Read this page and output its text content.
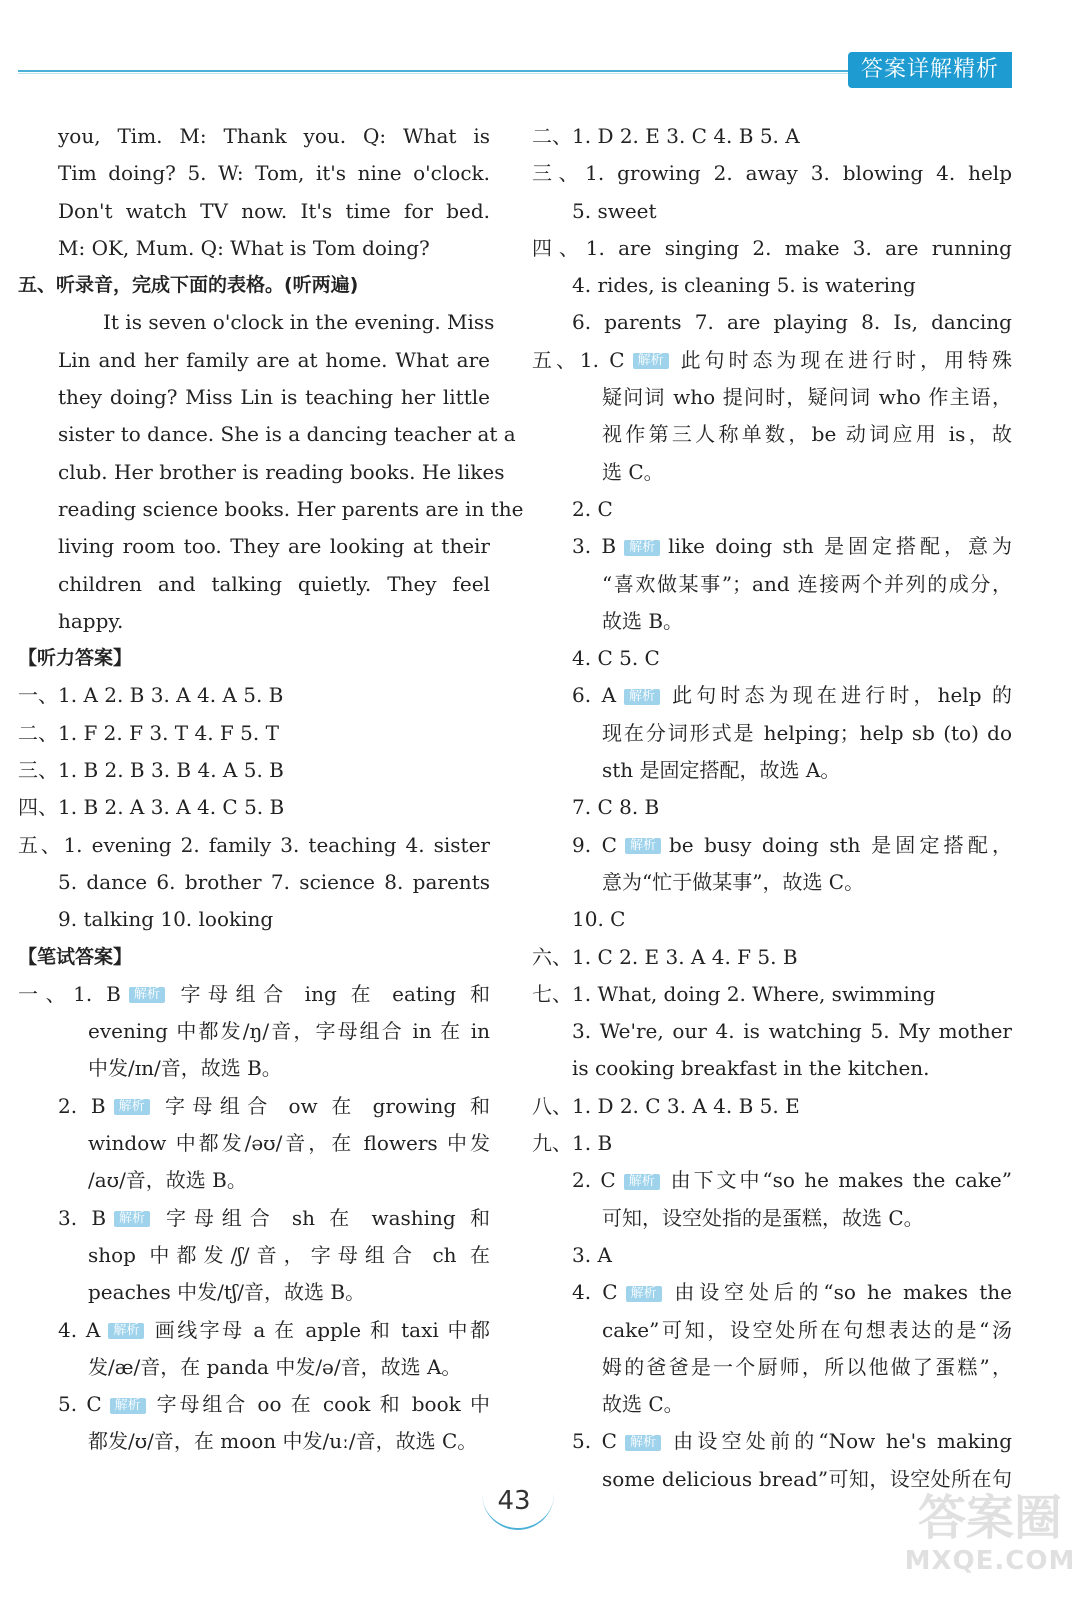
答案详解精析
you, Tim. M: Thank you. Q: What is
Tim doing? 5. W: Tom, it's nine o'clock.
Don't watch TV now. It's time for bed.
M: OK, Mum. Q: What is Tom doing?
五、听录音，完成下面的表格。(听两遍)
It is seven o'clock in the evening. Miss
Lin and her family are at home. What are
they doing? Miss Lin is teaching her little
sister to dance. She is a dancing teacher at a
club. Her brother is reading books. He likes
reading science books. Her parents are in the
living room too. They are looking at their
children and talking quietly. They feel
happy.
【听力答案】
一、1. A 2. B 3. A 4. A 5. B
二、1. F 2. F 3. T 4. F 5. T
三、1. B 2. B 3. B 4. A 5. B
四、1. B 2. A 3. A 4. C 5. B
五、1. evening 2. family 3. teaching 4. sister
5. dance 6. brother 7. science 8. parents
9. talking 10. looking
【笔试答案】
一、1. B 解析 字母组合 ing 在 eating 和
evening 中都发/ŋ/音，字母组合 in 在 in
中发/ɪn/音，故选 B。
2. B 解析 字母组合 ow 在 growing 和
window 中都发/əʊ/音，在 flowers 中发
/aʊ/音，故选 B。
3. B 解析 字母组合 sh 在 washing 和
shop 中都发/ʃ/音，字母组合 ch 在
peaches 中发/tʃ/音，故选 B。
4. A 解析 画线字母 a 在 apple 和 taxi 中都
发/æ/音，在 panda 中发/ə/音，故选 A。
5. C 解析 字母组合 oo 在 cook 和 book 中
都发/ʊ/音，在 moon 中发/uː/音，故选 C。
二、1. D 2. E 3. C 4. B 5. A
三、1. growing 2. away 3. blowing 4. help
5. sweet
四、1. are singing 2. make 3. are running
4. rides, is cleaning 5. is watering
6. parents 7. are playing 8. Is, dancing
五、1. C 解析 此句时态为现在进行时，用特殊
疑问词 who 提问时，疑问词 who 作主语，
视作第三人称单数，be 动词应用 is，故
选 C。
2. C
3. B 解析 like doing sth 是固定搭配，意为
“喜欢做某事”；and 连接两个并列的成分，
故选 B。
4. C 5. C
6. A 解析 此句时态为现在进行时，help 的
现在分词形式是 helping；help sb (to) do
sth 是固定搭配，故选 A。
7. C 8. B
9. C 解析 be busy doing sth 是固定搭配，
意为“忙于做某事”，故选 C。
10. C
六、1. C 2. E 3. A 4. F 5. B
七、1. What, doing 2. Where, swimming
3. We're, our 4. is watching 5. My mother
is cooking breakfast in the kitchen.
八、1. D 2. C 3. A 4. B 5. E
九、1. B
2. C 解析 由下文中“so he makes the cake”
可知，设空处指的是蛋糕，故选 C。
3. A
4. C 解析 由设空处后的“so he makes the
cake”可知，设空处所在句想表达的是“汤
姆的爸爸是一个厨师，所以他做了蛋糕”，
故选 C。
5. C 解析 由设空处前的“Now he's making
some delicious bread”可知，设空处所在句
43	答案圈
MXQE.COM
